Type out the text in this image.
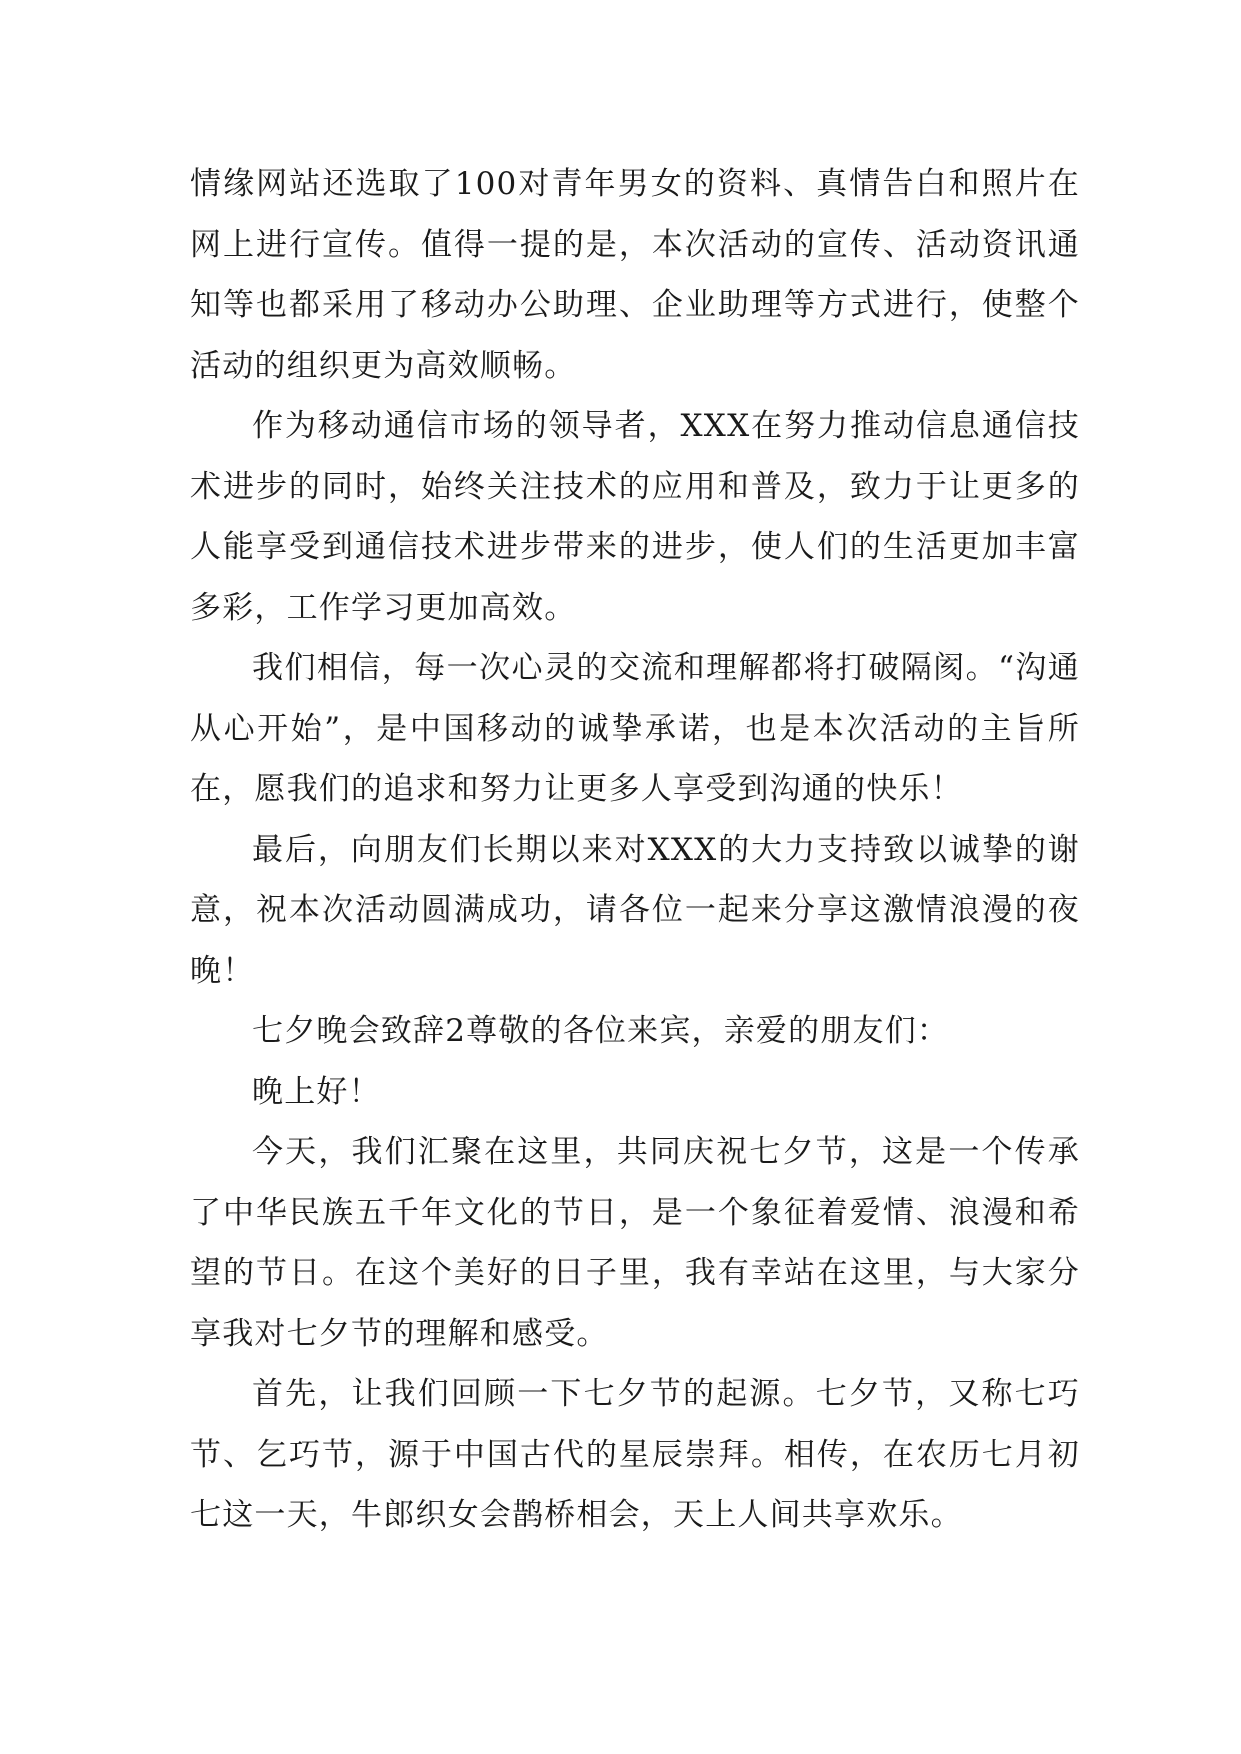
情缘网站还选取了100对青年男女的资料、真情告白和照片在网上进行宣传。值得一提的是，本次活动的宣传、活动资讯通知等也都采用了移动办公助理、企业助理等方式进行，使整个活动的组织更为高效顺畅。

作为移动通信市场的领导者，XXX在努力推动信息通信技术进步的同时，始终关注技术的应用和普及，致力于让更多的人能享受到通信技术进步带来的进步，使人们的生活更加丰富多彩，工作学习更加高效。

我们相信，每一次心灵的交流和理解都将打破隔阂。“沟通从心开始”，是中国移动的诚挚承诺，也是本次活动的主旨所在，愿我们的追求和努力让更多人享受到沟通的快乐！

最后，向朋友们长期以来对XXX的大力支持致以诚挚的谢意，祝本次活动圆满成功，请各位一起来分享这激情浪漫的夜晚！

七夕晚会致辞2尊敬的各位来宾，亲爱的朋友们：

晚上好！

今天，我们汇聚在这里，共同庆祝七夕节，这是一个传承了中华民族五千年文化的节日，是一个象征着爱情、浪漫和希望的节日。在这个美好的日子里，我有幸站在这里，与大家分享我对七夕节的理解和感受。

首先，让我们回顾一下七夕节的起源。七夕节，又称七巧节、乞巧节，源于中国古代的星辰崇拜。相传，在农历七月初七这一天，牛郎织女会鹊桥相会，天上人间共享欢乐。
